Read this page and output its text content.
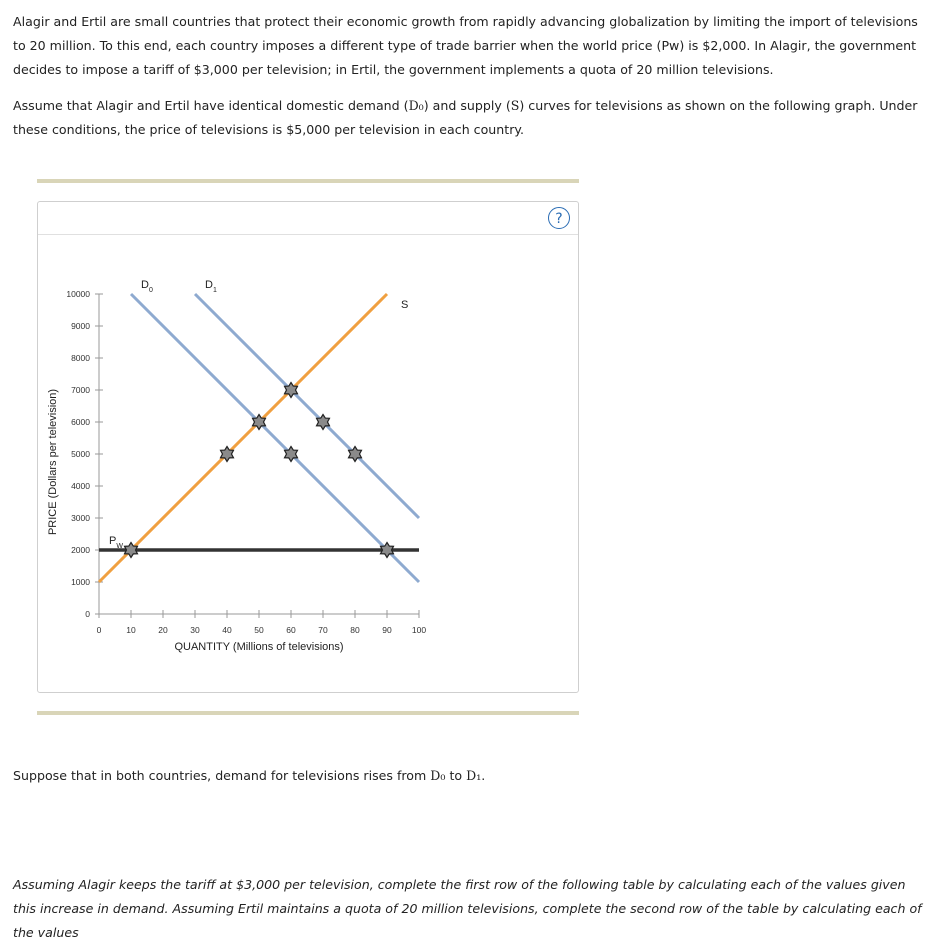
Alagir and Ertil are small countries that protect their economic growth from rapidly advancing globalization by limiting the import of televisions to 20 million. To this end, each country imposes a different type of trade barrier when the world price (Pw) is $2,000. In Alagir, the government decides to impose a tariff of $3,000 per television; in Ertil, the government implements a quota of 20 million televisions.

Assume that Alagir and Ertil have identical domestic demand (D₀) and supply (S) curves for televisions as shown on the following graph. Under these conditions, the price of televisions is $5,000 per television in each country.

?
0
1000
2000
3000
4000
5000
6000
7000
8000
9000
10000
0	10	20	30	40	50	60	70	80	90 100
QUANTITY (Millions of televisions)
PRICE (Dollars per television)
$D_0$	$D_1$
S
$P_W$

Suppose that in both countries, demand for televisions rises from D₀ to D₁.

Assuming Alagir keeps the tariff at $3,000 per television, complete the first row of the following table by calculating each of the values given this increase in demand. Assuming Ertil maintains a quota of 20 million televisions, complete the second row of the table by calculating each of the values
